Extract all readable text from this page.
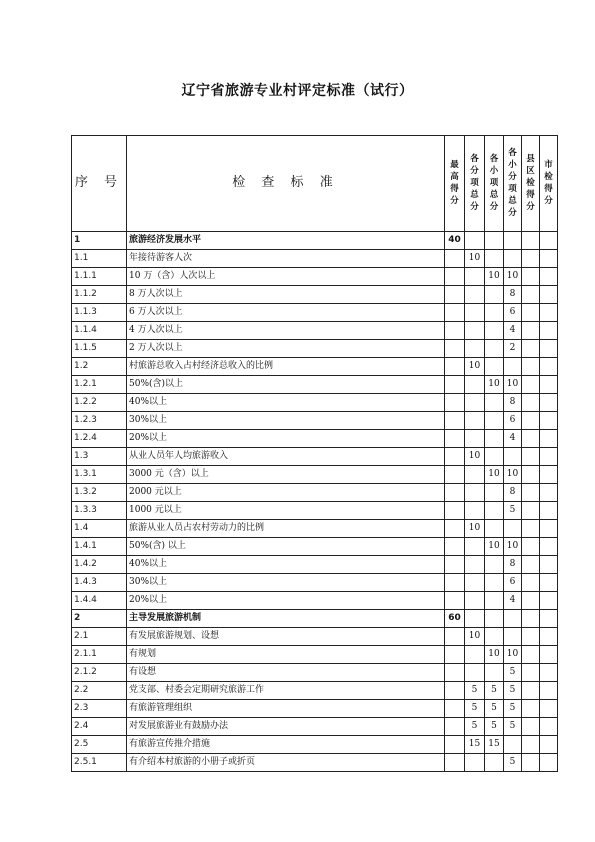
辽宁省旅游专业村评定标准（试行）
序 号	检 查 标 准	最高得分	各分项总分	各小项总分	各小分项总分	县区检得分	市检得分
1	旅游经济发展水平	40					
1.1	年接待游客人次		10				
1.1.1	10 万（含）人次以上			10	10		
1.1.2	8 万人次以上				8		
1.1.3	6 万人次以上				6		
1.1.4	4 万人次以上				4		
1.1.5	2 万人次以上				2		
1.2	村旅游总收入占村经济总收入的比例		10				
1.2.1	50%(含)以上			10	10		
1.2.2	40%以上				8		
1.2.3	30%以上				6		
1.2.4	20%以上				4		
1.3	从业人员年人均旅游收入		10				
1.3.1	3000 元（含）以上			10	10		
1.3.2	2000 元以上				8		
1.3.3	1000 元以上				5		
1.4	旅游从业人员占农村劳动力的比例		10				
1.4.1	50%(含) 以上			10	10		
1.4.2	40%以上				8		
1.4.3	30%以上				6		
1.4.4	20%以上				4		
2	主导发展旅游机制	60					
2.1	有发展旅游规划、设想		10				
2.1.1	有规划			10	10		
2.1.2	有设想				5		
2.2	党支部、村委会定期研究旅游工作		5	5	5		
2.3	有旅游管理组织		5	5	5		
2.4	对发展旅游业有鼓励办法		5	5	5		
2.5	有旅游宣传推介措施		15	15			
2.5.1	有介绍本村旅游的小册子或折页				5		
